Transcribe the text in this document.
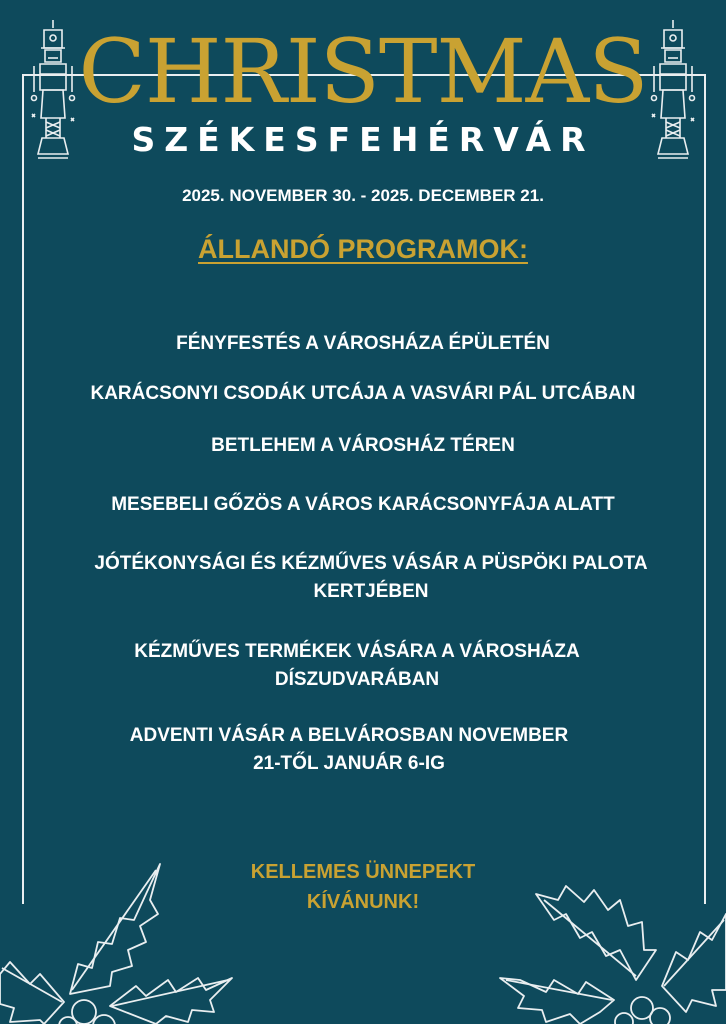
CHRISTMAS
SZÉKESFEHÉRVÁR
2025. NOVEMBER 30. - 2025. DECEMBER 21.
ÁLLANDÓ PROGRAMOK:
FÉNYFESTÉS A VÁROSHÁZA ÉPÜLETÉN
KARÁCSONYI CSODÁK UTCÁJA A VASVÁRI PÁL UTCÁBAN
BETLEHEM A VÁROSHÁZ TÉREN
MESEBELI GŐZÖS A VÁROS KARÁCSONYFÁJA ALATT
JÓTÉKONYSÁGI ÉS KÉZMŰVES VÁSÁR A PÜSPÖKI PALOTA
KERTJÉBEN
KÉZMŰVES TERMÉKEK VÁSÁRA A VÁROSHÁZA
DÍSZUDVARÁBAN
ADVENTI VÁSÁR A BELVÁROSBAN NOVEMBER
21-TŐL JANUÁR 6-IG
KELLEMES ÜNNEPEKT
KÍVÁNUNK!
